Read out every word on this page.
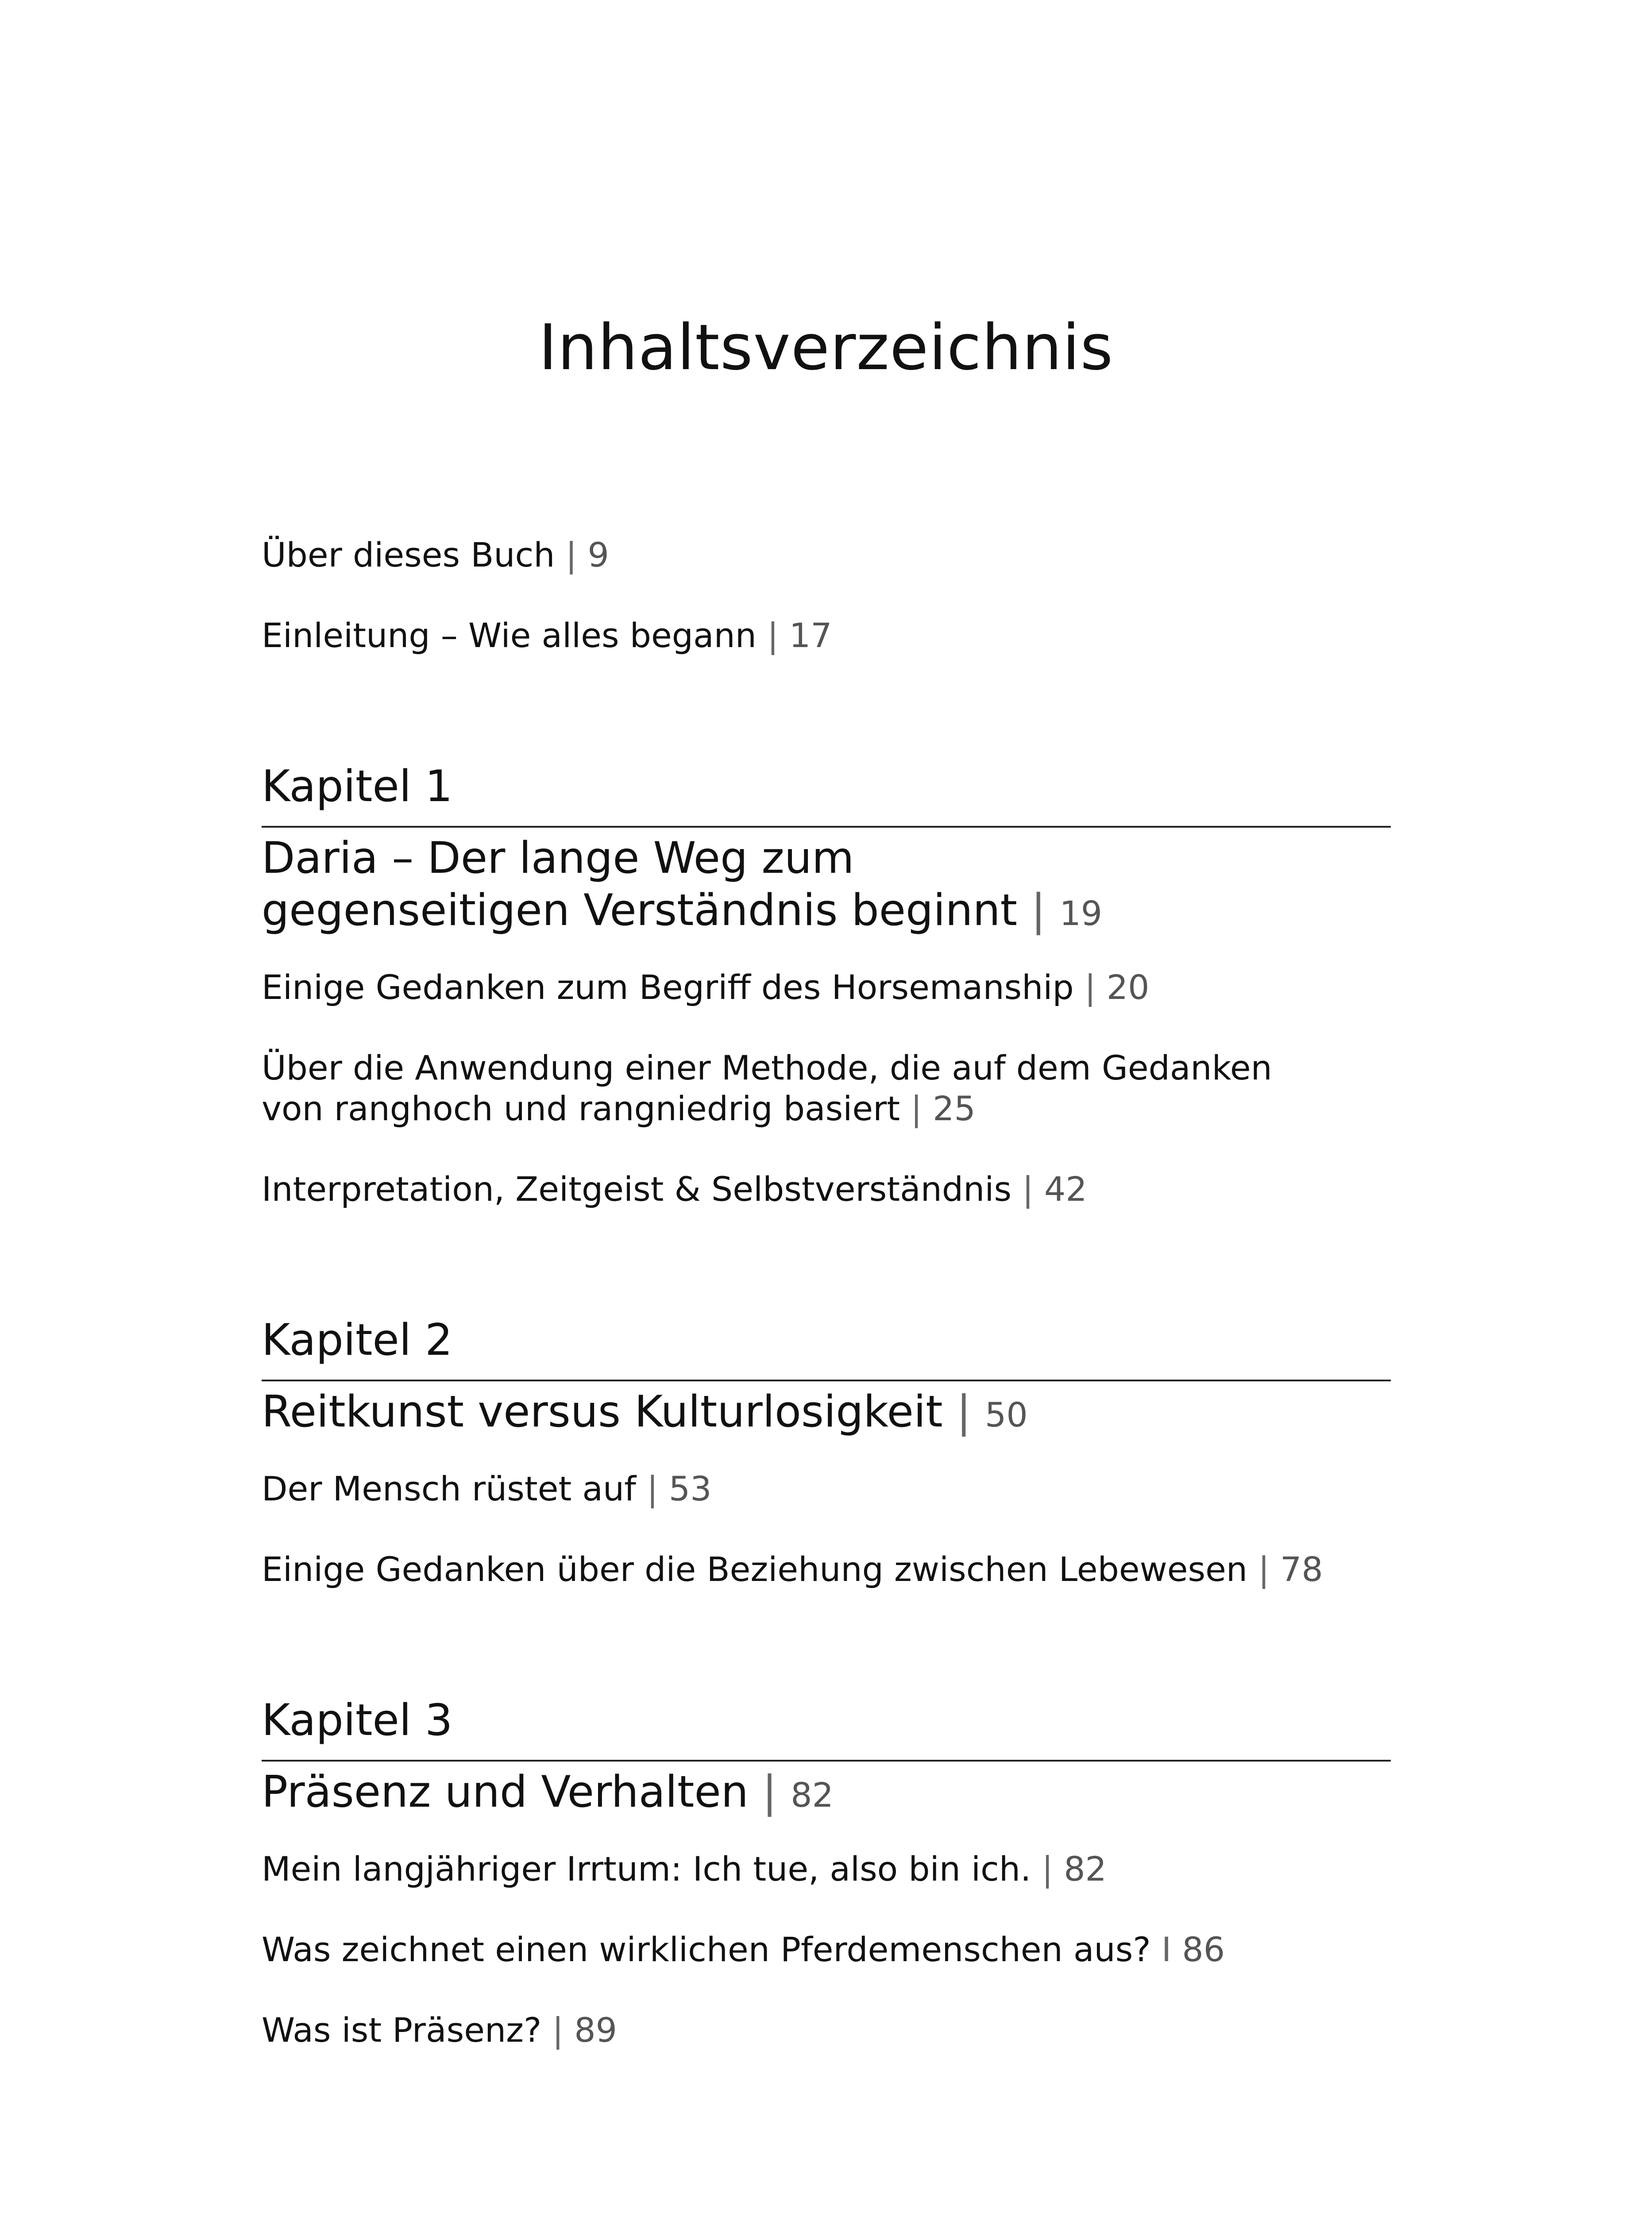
Inhaltsverzeichnis

Über dieses Buch | 9

Einleitung – Wie alles begann | 17

Kapitel 1

Daria – Der lange Weg zum
gegenseitigen Verständnis beginnt | 19

Einige Gedanken zum Begriff des Horsemanship | 20

Über die Anwendung einer Methode, die auf dem Gedanken
von ranghoch und rangniedrig basiert | 25

Interpretation, Zeitgeist & Selbstverständnis | 42

Kapitel 2

Reitkunst versus Kulturlosigkeit | 50

Der Mensch rüstet auf | 53

Einige Gedanken über die Beziehung zwischen Lebewesen | 78

Kapitel 3

Präsenz und Verhalten | 82

Mein langjähriger Irrtum: Ich tue, also bin ich. | 82

Was zeichnet einen wirklichen Pferdemenschen aus? I 86

Was ist Präsenz? | 89
